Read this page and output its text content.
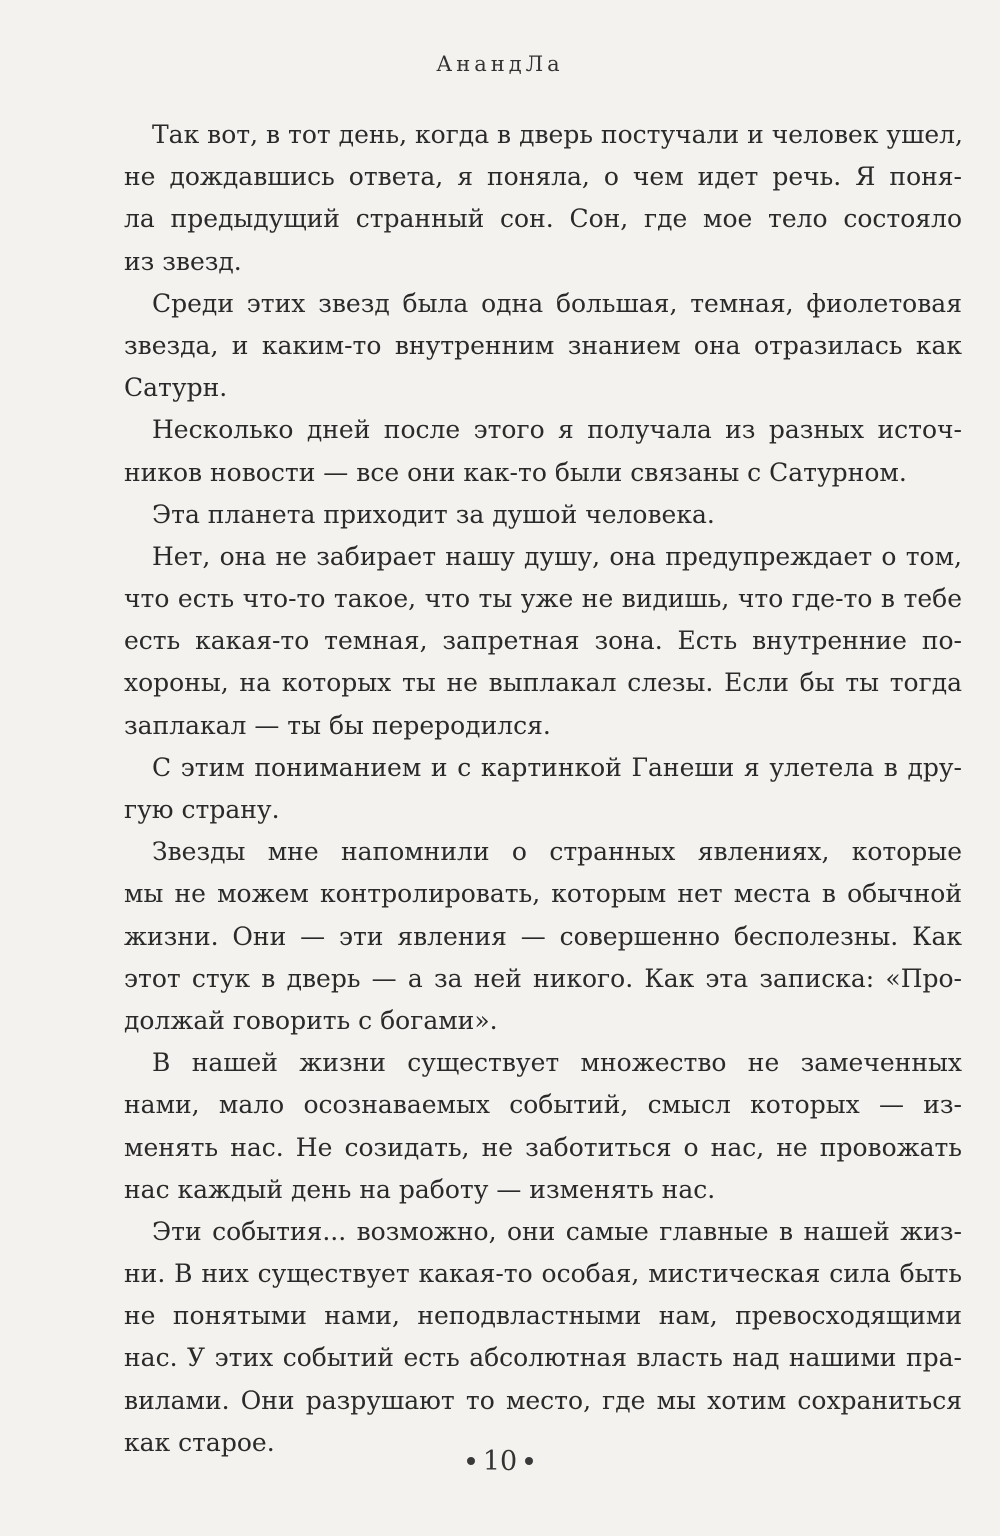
АнандЛа
Так вот, в тот день, когда в дверь постучали и человек ушел,
не дождавшись ответа, я поняла, о чем идет речь. Я поня-
ла предыдущий странный сон. Сон, где мое тело состояло
из звезд.
Среди этих звезд была одна большая, темная, фиолетовая
звезда, и каким-то внутренним знанием она отразилась как
Сатурн.
Несколько дней после этого я получала из разных источ-
ников новости — все они как-то были связаны с Сатурном.
Эта планета приходит за душой человека.
Нет, она не забирает нашу душу, она предупреждает о том,
что есть что-то такое, что ты уже не видишь, что где-то в тебе
есть какая-то темная, запретная зона. Есть внутренние по-
хороны, на которых ты не выплакал слезы. Если бы ты тогда
заплакал — ты бы переродился.
С этим пониманием и с картинкой Ганеши я улетела в дру-
гую страну.
Звезды мне напомнили о странных явлениях, которые
мы не можем контролировать, которым нет места в обычной
жизни. Они — эти явления — совершенно бесполезны. Как
этот стук в дверь — а за ней никого. Как эта записка: «Про-
должай говорить с богами».
В нашей жизни существует множество не замеченных
нами, мало осознаваемых событий, смысл которых — из-
менять нас. Не созидать, не заботиться о нас, не провожать
нас каждый день на работу — изменять нас.
Эти события... возможно, они самые главные в нашей жиз-
ни. В них существует какая-то особая, мистическая сила быть
не понятыми нами, неподвластными нам, превосходящими
нас. У этих событий есть абсолютная власть над нашими пра-
вилами. Они разрушают то место, где мы хотим сохраниться
как старое.
10
